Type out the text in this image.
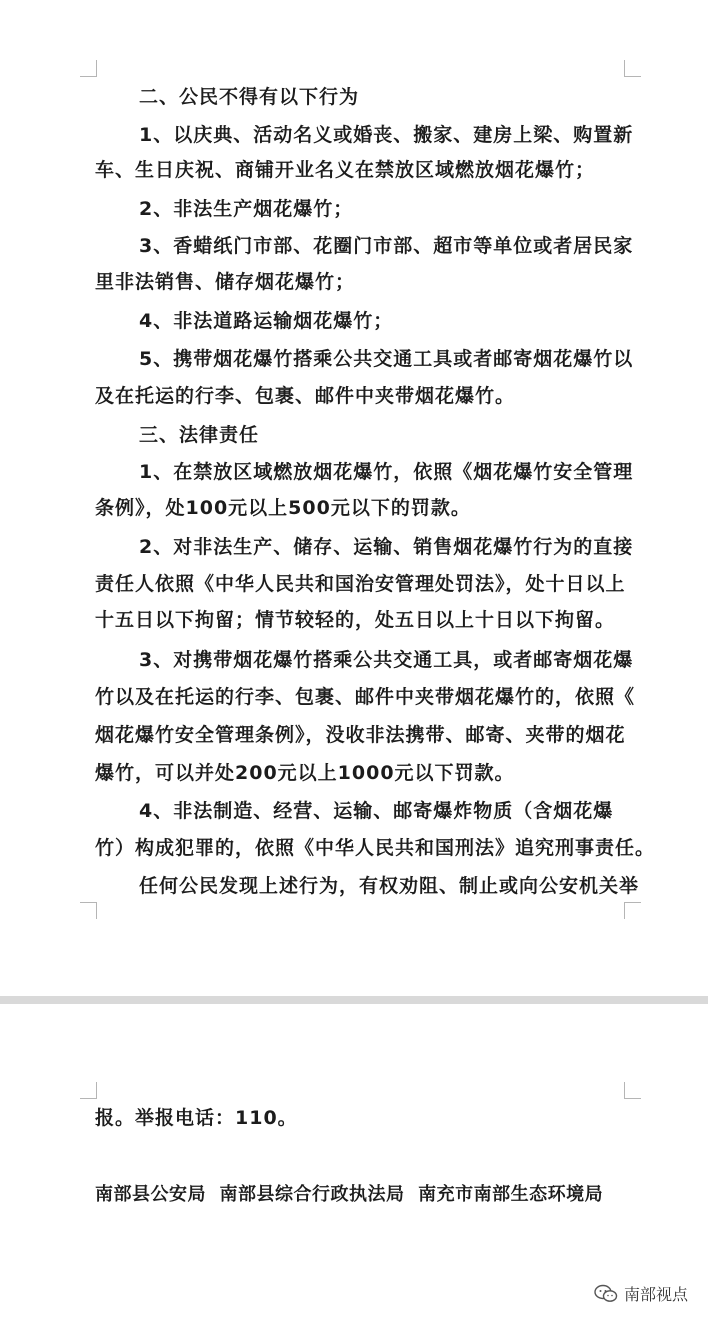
二、公民不得有以下行为
1、以庆典、活动名义或婚丧、搬家、建房上梁、购置新
车、生日庆祝、商铺开业名义在禁放区域燃放烟花爆竹；
2、非法生产烟花爆竹；
3、香蜡纸门市部、花圈门市部、超市等单位或者居民家
里非法销售、储存烟花爆竹；
4、非法道路运输烟花爆竹；
5、携带烟花爆竹搭乘公共交通工具或者邮寄烟花爆竹以
及在托运的行李、包裹、邮件中夹带烟花爆竹。
三、法律责任
1、在禁放区域燃放烟花爆竹，依照《烟花爆竹安全管理
条例》，处100元以上500元以下的罚款。
2、对非法生产、储存、运输、销售烟花爆竹行为的直接
责任人依照《中华人民共和国治安管理处罚法》，处十日以上
十五日以下拘留；情节较轻的，处五日以上十日以下拘留。
3、对携带烟花爆竹搭乘公共交通工具，或者邮寄烟花爆
竹以及在托运的行李、包裹、邮件中夹带烟花爆竹的，依照《
烟花爆竹安全管理条例》，没收非法携带、邮寄、夹带的烟花
爆竹，可以并处200元以上1000元以下罚款。
4、非法制造、经营、运输、邮寄爆炸物质（含烟花爆
竹）构成犯罪的，依照《中华人民共和国刑法》追究刑事责任。
任何公民发现上述行为，有权劝阻、制止或向公安机关举
报。举报电话：110。
南部县公安局  南部县综合行政执法局  南充市南部生态环境局
南部视点
